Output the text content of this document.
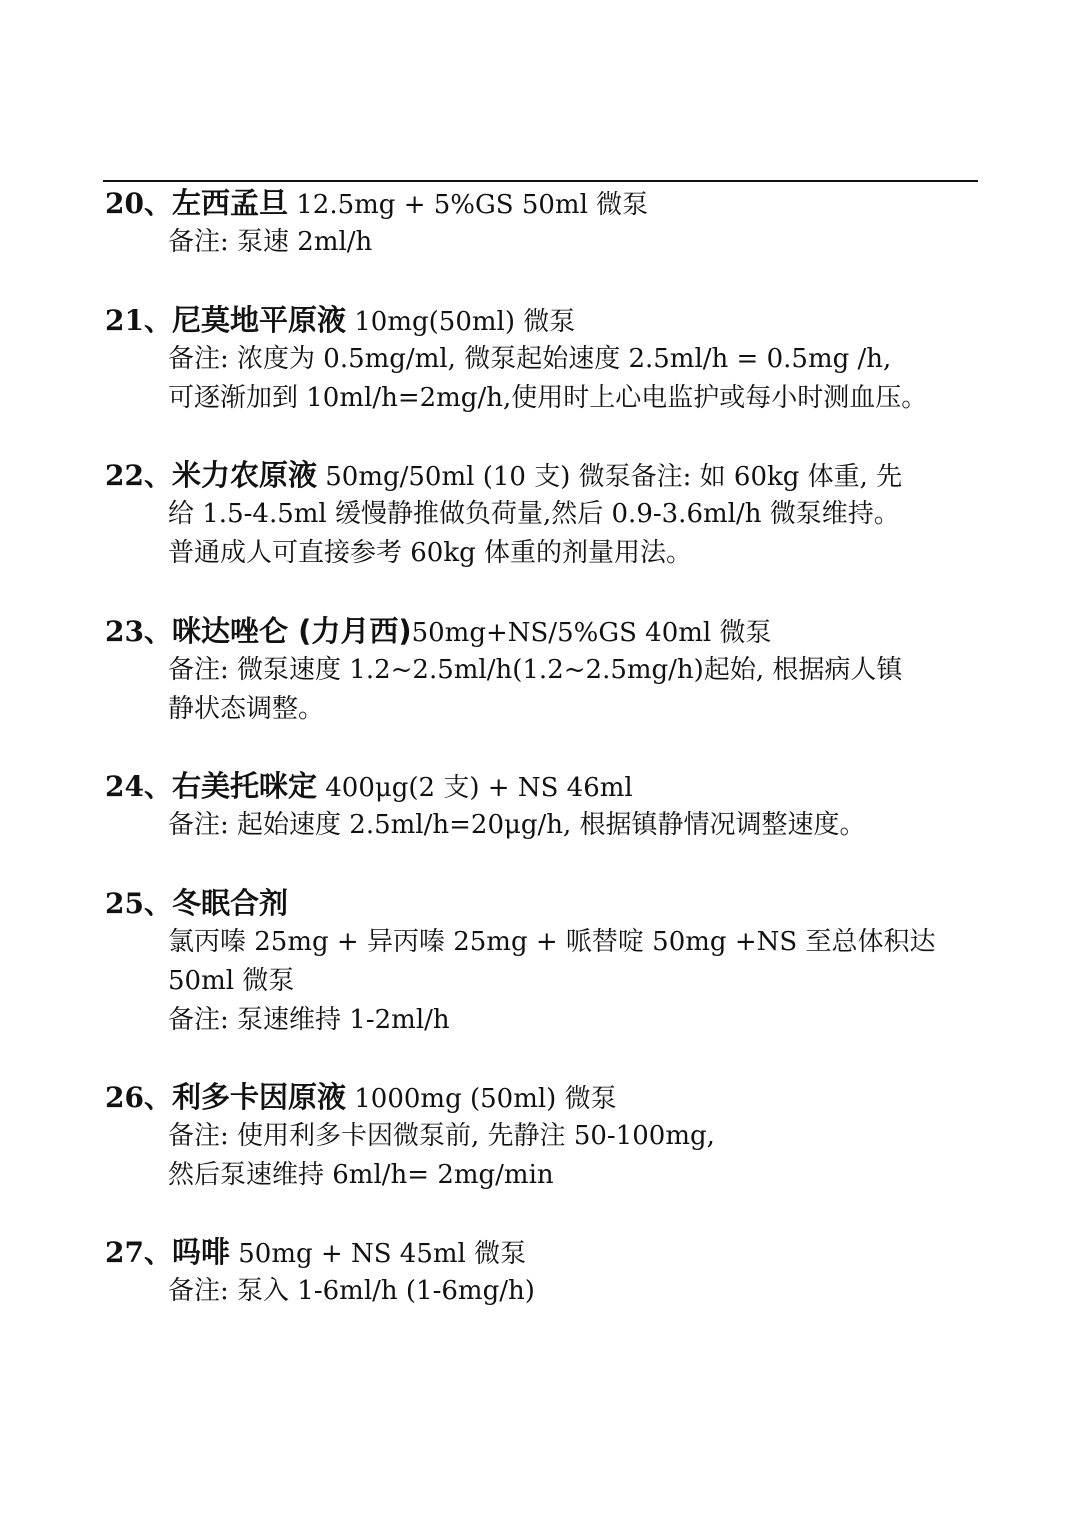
20、左西孟旦 12.5mg + 5%GS 50ml 微泵
备注: 泵速 2ml/h
21、尼莫地平原液 10mg(50ml) 微泵
备注: 浓度为 0.5mg/ml, 微泵起始速度 2.5ml/h = 0.5mg /h,
可逐渐加到 10ml/h=2mg/h,使用时上心电监护或每小时测血压。
22、米力农原液 50mg/50ml (10 支) 微泵备注: 如 60kg 体重, 先
给 1.5-4.5ml 缓慢静推做负荷量,然后 0.9-3.6ml/h 微泵维持。
普通成人可直接参考 60kg 体重的剂量用法。
23、咪达唑仑 (力月西)50mg+NS/5%GS 40ml 微泵
备注: 微泵速度 1.2~2.5ml/h(1.2~2.5mg/h)起始, 根据病人镇
静状态调整。
24、右美托咪定 400μg(2 支) + NS 46ml
备注: 起始速度 2.5ml/h=20μg/h, 根据镇静情况调整速度。
25、冬眠合剂
氯丙嗪 25mg + 异丙嗪 25mg + 哌替啶 50mg +NS 至总体积达
50ml 微泵
备注: 泵速维持 1-2ml/h
26、利多卡因原液 1000mg (50ml) 微泵
备注: 使用利多卡因微泵前, 先静注 50-100mg,
然后泵速维持 6ml/h= 2mg/min
27、吗啡 50mg + NS 45ml 微泵
备注: 泵入 1-6ml/h (1-6mg/h)
